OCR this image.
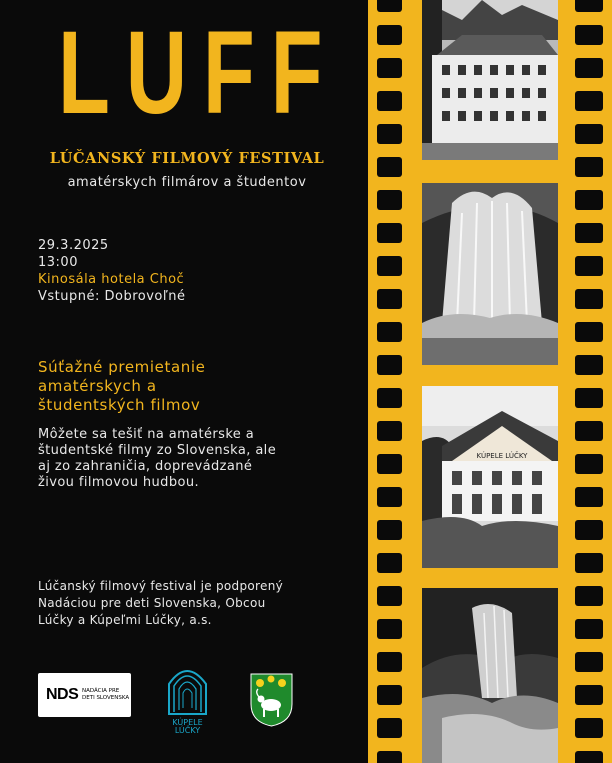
LUFF
LÚČANSKÝ FILMOVÝ FESTIVAL
amatérskych filmárov a študentov
29.3.2025
13:00
Kinosála hotela Choč
Vstupné: Dobrovoľné
Súťažné premietanie
amatérskych a
študentských filmov
Môžete sa tešiť na amatérske a
študentské filmy zo Slovenska, ale
aj zo zahraničia, doprevádzané
živou filmovou hudbou.
Lúčanský filmový festival je podporený
Nadáciou pre deti Slovenska, Obcou
Lúčky a Kúpeľmi Lúčky, a.s.
NDS NADÁCIA PRE
DETI SLOVENSKA
KÚPELE
LÚČKY
KÚPELE LÚČKY
